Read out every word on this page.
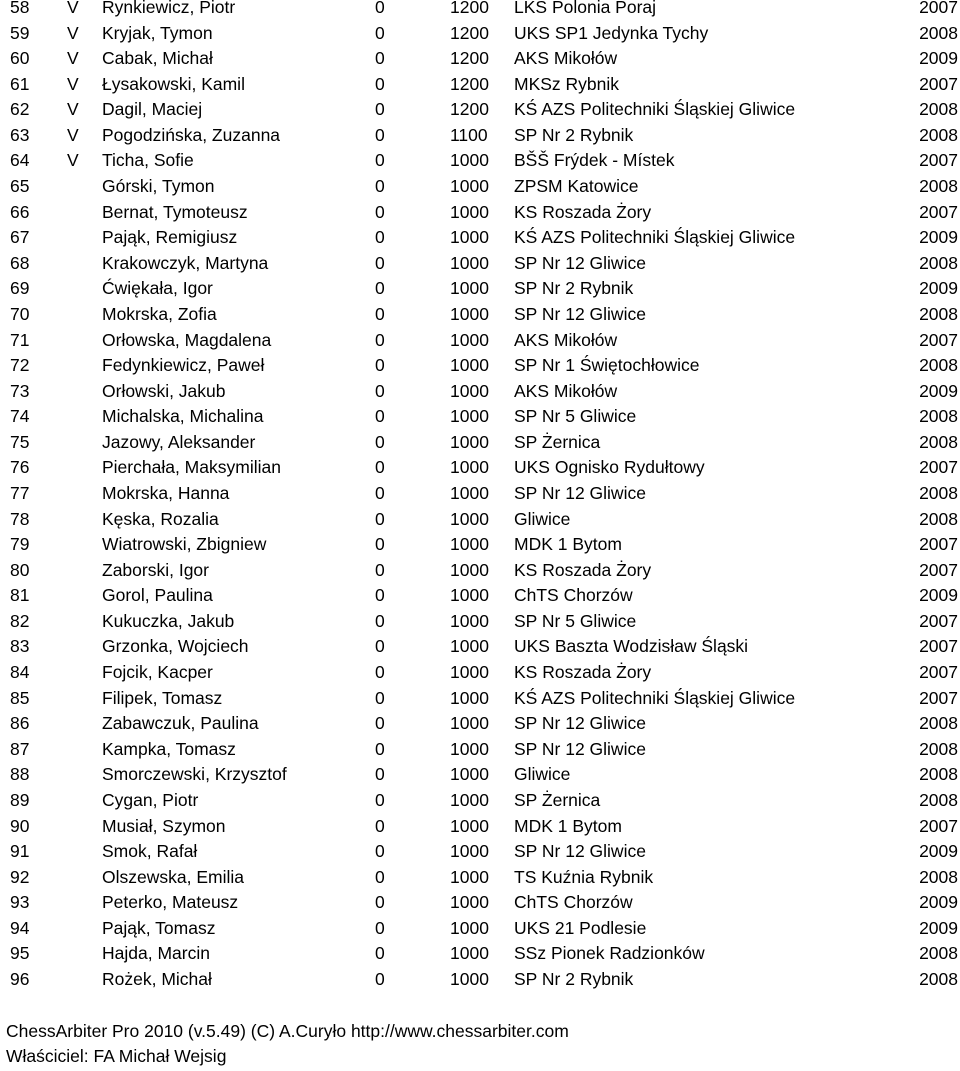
58 V Rynkiewicz, Piotr	0	1200 LKS Polonia Poraj	2007
59 V Kryjak, Tymon	0	1200 UKS SP1 Jedynka Tychy	2008
60 V Cabak, Michał	0	1200 AKS Mikołów	2009
61 V Łysakowski, Kamil	0	1200 MKSz Rybnik	2007
62 V Dagil, Maciej	0	1200 KŚ AZS Politechniki Śląskiej Gliwice	2008
63 V Pogodzińska, Zuzanna	0	1100 SP Nr 2 Rybnik	2008
64 V Ticha, Sofie	0	1000 BŠŠ Frýdek - Místek	2007
65	Górski, Tymon	0	1000 ZPSM Katowice	2008
66	Bernat, Tymoteusz	0	1000 KS Roszada Żory	2007
67	Pająk, Remigiusz	0	1000 KŚ AZS Politechniki Śląskiej Gliwice	2009
68	Krakowczyk, Martyna	0	1000 SP Nr 12 Gliwice	2008
69	Ćwiękała, Igor	0	1000 SP Nr 2 Rybnik	2009
70	Mokrska, Zofia	0	1000 SP Nr 12 Gliwice	2008
71	Orłowska, Magdalena	0	1000 AKS Mikołów	2007
72	Fedynkiewicz, Paweł	0	1000 SP Nr 1 Świętochłowice	2008
73	Orłowski, Jakub	0	1000 AKS Mikołów	2009
74	Michalska, Michalina	0	1000 SP Nr 5 Gliwice	2008
75	Jazowy, Aleksander	0	1000 SP Żernica	2008
76	Pierchała, Maksymilian	0	1000 UKS Ognisko Rydułtowy	2007
77	Mokrska, Hanna	0	1000 SP Nr 12 Gliwice	2008
78	Kęska, Rozalia	0	1000 Gliwice	2008
79	Wiatrowski, Zbigniew	0	1000 MDK 1 Bytom	2007
80	Zaborski, Igor	0	1000 KS Roszada Żory	2007
81	Gorol, Paulina	0	1000 ChTS Chorzów	2009
82	Kukuczka, Jakub	0	1000 SP Nr 5 Gliwice	2007
83	Grzonka, Wojciech	0	1000 UKS Baszta Wodzisław Śląski	2007
84	Fojcik, Kacper	0	1000 KS Roszada Żory	2007
85	Filipek, Tomasz	0	1000 KŚ AZS Politechniki Śląskiej Gliwice	2007
86	Zabawczuk, Paulina	0	1000 SP Nr 12 Gliwice	2008
87	Kampka, Tomasz	0	1000 SP Nr 12 Gliwice	2008
88	Smorczewski, Krzysztof	0	1000 Gliwice	2008
89	Cygan, Piotr	0	1000 SP Żernica	2008
90	Musiał, Szymon	0	1000 MDK 1 Bytom	2007
91	Smok, Rafał	0	1000 SP Nr 12 Gliwice	2009
92	Olszewska, Emilia	0	1000 TS Kuźnia Rybnik	2008
93	Peterko, Mateusz	0	1000 ChTS Chorzów	2009
94	Pająk, Tomasz	0	1000 UKS 21 Podlesie	2009
95	Hajda, Marcin	0	1000 SSz Pionek Radzionków	2008
96	Rożek, Michał	0	1000 SP Nr 2 Rybnik	2008
ChessArbiter Pro 2010 (v.5.49) (C) A.Curyło http://www.chessarbiter.com
Właściciel: FA Michał Wejsig
